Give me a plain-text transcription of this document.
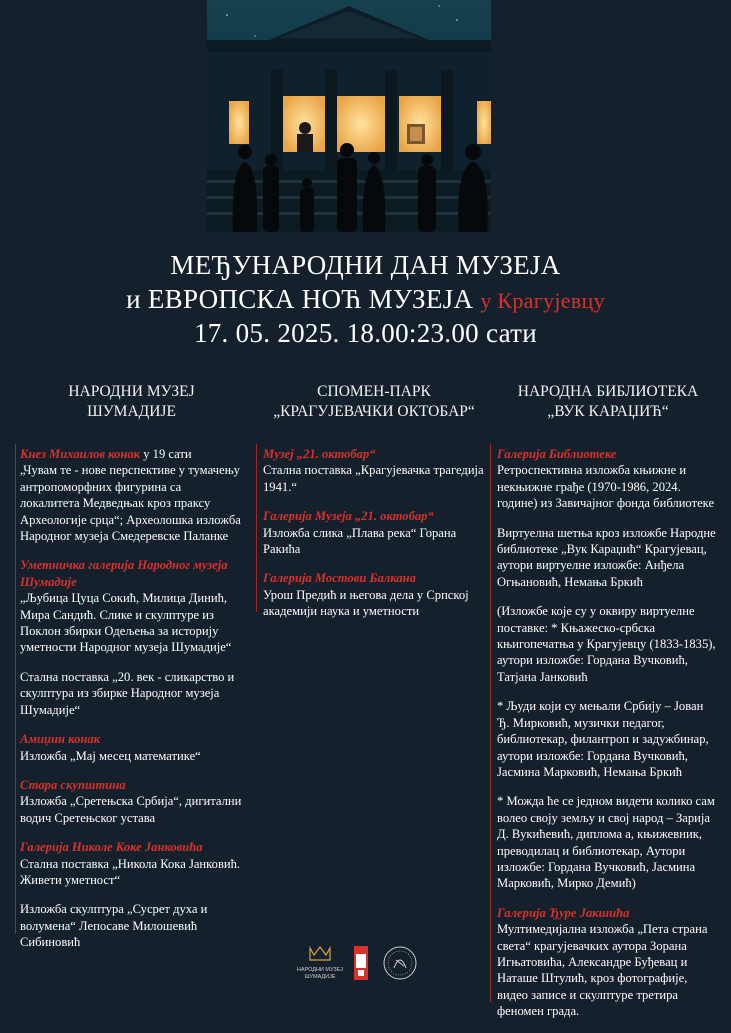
МЕЂУНАРОДНИ ДАН МУЗЕЈА
и ЕВРОПСКА НОЋ МУЗЕЈА у Крагујевцу
17. 05. 2025. 18.00:23.00 сати
НАРОДНИ МУЗЕЈ
ШУМАДИЈЕ
СПОМЕН-ПАРК
„КРАГУЈЕВАЧКИ ОКТОБАР“
НАРОДНА БИБЛИОТЕКА
„ВУК КАРАЏИЋ“

Кнез Михаилов конак у 19 сати

„Чувам те - нове перспективе у тумачењу антропоморфних фигурина са локалитета Медведњак кроз праксу Археологије срца“; Археолошка изложба Народног музеја Смедеревске Паланке

Уметничка галерија Народног музеја Шумадије

„Љубица Цуца Сокић, Милица Динић, Мира Сандић. Слике и скулптуре из Поклон збирки Одељења за историју уметности Народног музеја Шумадије“

Стална поставка „20. век - сликарство и скулптура из збирке Народног музеја Шумадије“

Амиџин конак

Изложба „Мај месец математике“

Стара скупштина

Изложба „Сретењска Србија“, дигитални водич Сретењског устава

Галерија Николе Коке Јанковића

Стална поставка „Никола Кока Јанковић. Живети уметност“

Изложба скулптура „Сусрет духа и волумена“ Лепосаве Милошевић Сибиновић

Музеј „21. октобар“

Стална поставка „Крагујевачка трагедија 1941.“

Галерија Музеја „21. октобар“

Изложба слика „Плава река“ Горана Ракића

Галерија Мостови Балкана

Урош Предић и његова дела у Српској академији наука и уметности

Галерија Библиотеке

Ретроспективна изложба књижне и некњижне грађе (1970-1986, 2024. године) из Завичајног фонда библиотеке

Виртуелна шетња кроз изложбе Народне библиотеке „Вук Караџић“ Крагујевац, аутори виртуелне изложбе: Анђела Огњановић, Немања Бркић

(Изложбе које су у оквиру виртуелне поставке: * Књажеско-србска књигопечатња у Крагујевцу (1833-1835), аутори изложбе: Гордана Вучковић, Татјана Јанковић

* Људи који су мењали Србију – Јован Ђ. Мирковић, музички педагог, библиотекар, филантроп и задужбинар, аутори изложбе: Гордана Вучковић, Јасмина Марковић, Немања Бркић

* Можда ће се једном видети колико сам волео своју земљу и свој народ – Зарија Д. Вукићевић, диплома а, књижевник, преводилац и библиотекар, Аутори изложбе: Гордана Вучковић, Јасмина Марковић, Мирко Демић)

Галерија Ђуре Јакшића

Мултимедијална изложба „Пета страна света“ крагујевачких аутора Зорана Игњатовића, Александре Буђевац и Наташе Штулић, кроз фотографије, видео записе и скулптуре третира феномен града.

НАРОДНИ МУЗЕЈ
ШУМАДИЈЕ
